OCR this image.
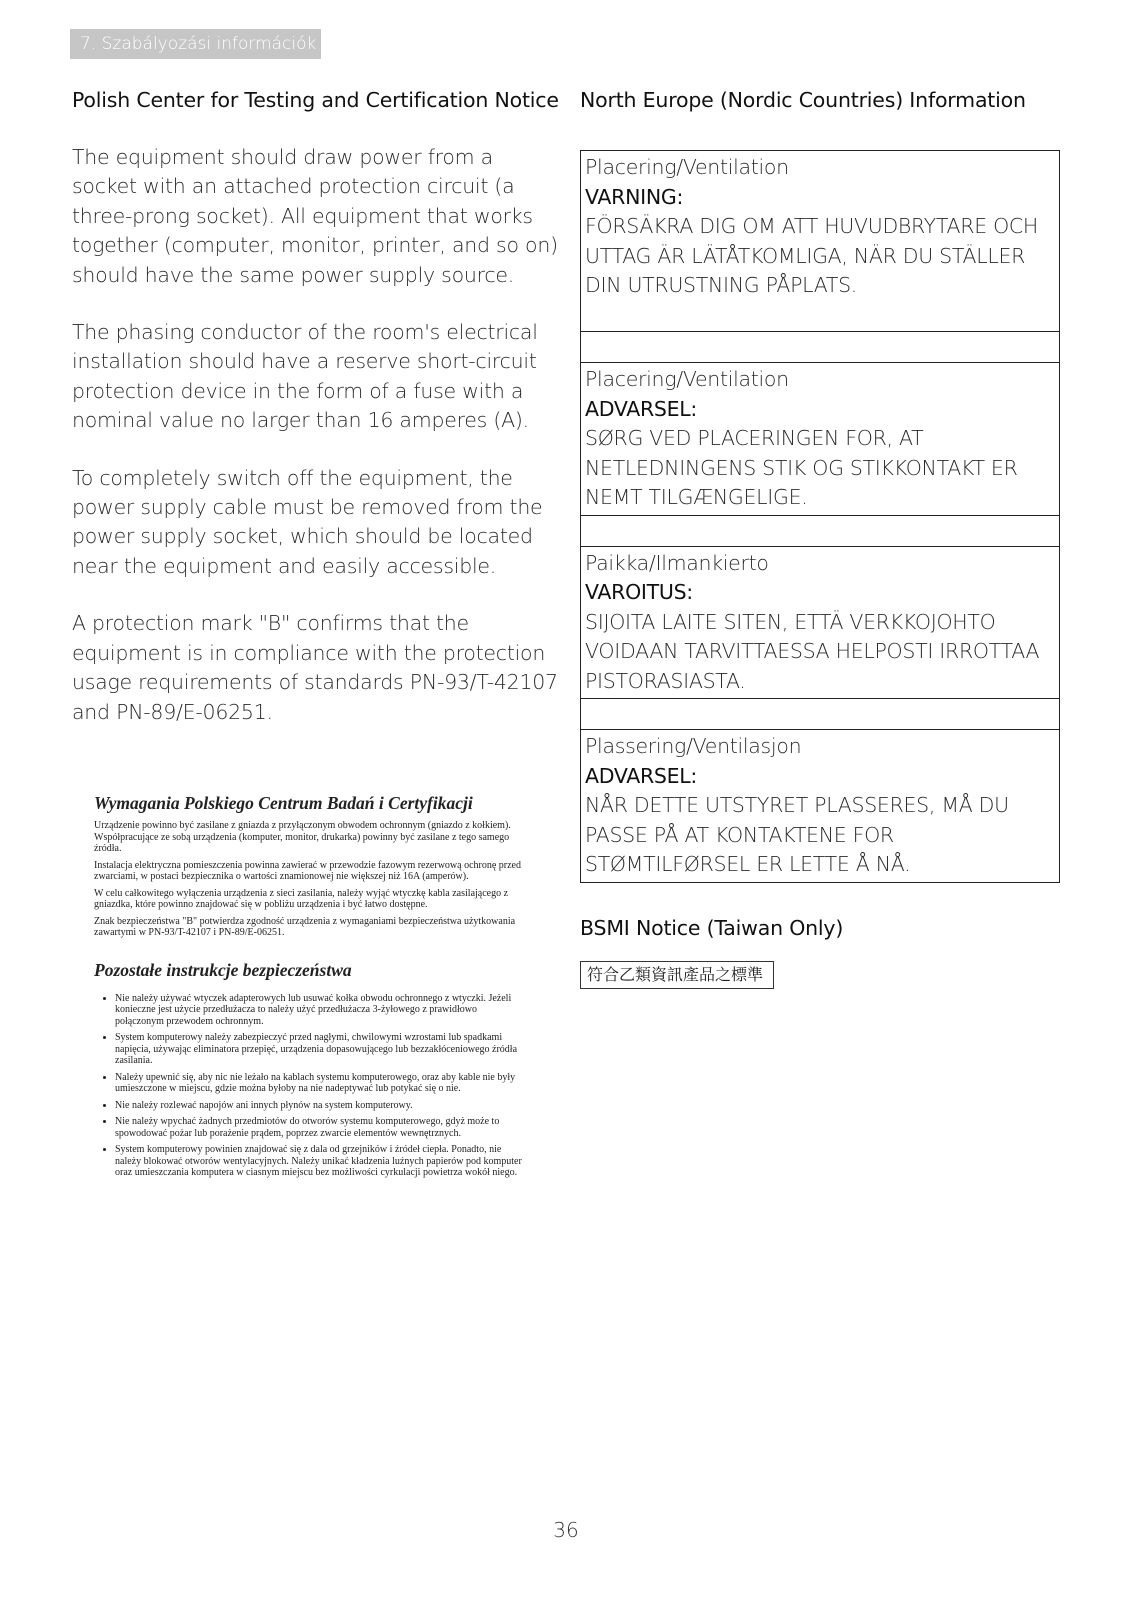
7. Szabályozási információk
Polish Center for Testing and Certification Notice

The equipment should draw power from a socket with an attached protection circuit (a three-prong socket). All equipment that works together (computer, monitor, printer, and so on) should have the same power supply source.

The phasing conductor of the room's electrical installation should have a reserve short-circuit protection device in the form of a fuse with a nominal value no larger than 16 amperes (A).

To completely switch off the equipment, the power supply cable must be removed from the power supply socket, which should be located near the equipment and easily accessible.

A protection mark "B" confirms that the equipment is in compliance with the protection usage requirements of standards PN-93/T-42107 and PN-89/E-06251.

Wymagania Polskiego Centrum Badań i Certyfikacji

Urządzenie powinno być zasilane z gniazda z przyłączonym obwodem ochronnym (gniazdo z kołkiem). Współpracujące ze sobą urządzenia (komputer, monitor, drukarka) powinny być zasilane z tego samego źródła.

Instalacja elektryczna pomieszczenia powinna zawierać w przewodzie fazowym rezerwową ochronę przed zwarciami, w postaci bezpiecznika o wartości znamionowej nie większej niż 16A (amperów).

W celu całkowitego wyłączenia urządzenia z sieci zasilania, należy wyjąć wtyczkę kabla zasilającego z gniazdka, które powinno znajdować się w pobliżu urządzenia i być łatwo dostępne.

Znak bezpieczeństwa "B" potwierdza zgodność urządzenia z wymaganiami bezpieczeństwa użytkowania zawartymi w PN-93/T-42107 i PN-89/E-06251.

Pozostałe instrukcje bezpieczeństwa
• Nie należy używać wtyczek adapterowych lub usuwać kołka obwodu ochronnego z wtyczki. Jeżeli konieczne jest użycie przedłużacza to należy użyć przedłużacza 3-żyłowego z prawidłowo połączonym przewodem ochronnym.
• System komputerowy należy zabezpieczyć przed nagłymi, chwilowymi wzrostami lub spadkami napięcia, używając eliminatora przepięć, urządzenia dopasowującego lub bezzakłóceniowego źródła zasilania.
• Należy upewnić się, aby nic nie leżało na kablach systemu komputerowego, oraz aby kable nie były umieszczone w miejscu, gdzie można byłoby na nie nadeptywać lub potykać się o nie.
• Nie należy rozlewać napojów ani innych płynów na system komputerowy.
• Nie należy wpychać żadnych przedmiotów do otworów systemu komputerowego, gdyż może to spowodować pożar lub porażenie prądem, poprzez zwarcie elementów wewnętrznych.
• System komputerowy powinien znajdować się z dala od grzejników i źródeł ciepła. Ponadto, nie należy blokować otworów wentylacyjnych. Należy unikać kładzenia luźnych papierów pod komputer oraz umieszczania komputera w ciasnym miejscu bez możliwości cyrkulacji powietrza wokół niego.
North Europe (Nordic Countries) Information
Placering/Ventilation
VARNING:
FÖRSÄKRA DIG OM ATT HUVUDBRYTARE OCH UTTAG ÄR LÄTÅTKOMLIGA, NÄR DU STÄLLER DIN UTRUSTNING PÅPLATS.
Placering/Ventilation
ADVARSEL:
SØRG VED PLACERINGEN FOR, AT NETLEDNINGENS STIK OG STIKKONTAKT ER NEMT TILGÆNGELIGE.
Paikka/Ilmankierto
VAROITUS:
SIJOITA LAITE SITEN, ETTÄ VERKKOJOHTO VOIDAAN TARVITTAESSA HELPOSTI IRROTTAA PISTORASIASTA.
Plassering/Ventilasjon
ADVARSEL:
NÅR DETTE UTSTYRET PLASSERES, MÅ DU PASSE PÅ AT KONTAKTENE FOR STØMTILFØRSEL ER LETTE Å NÅ.
BSMI Notice (Taiwan Only)
符合乙類資訊產品之標準
36
